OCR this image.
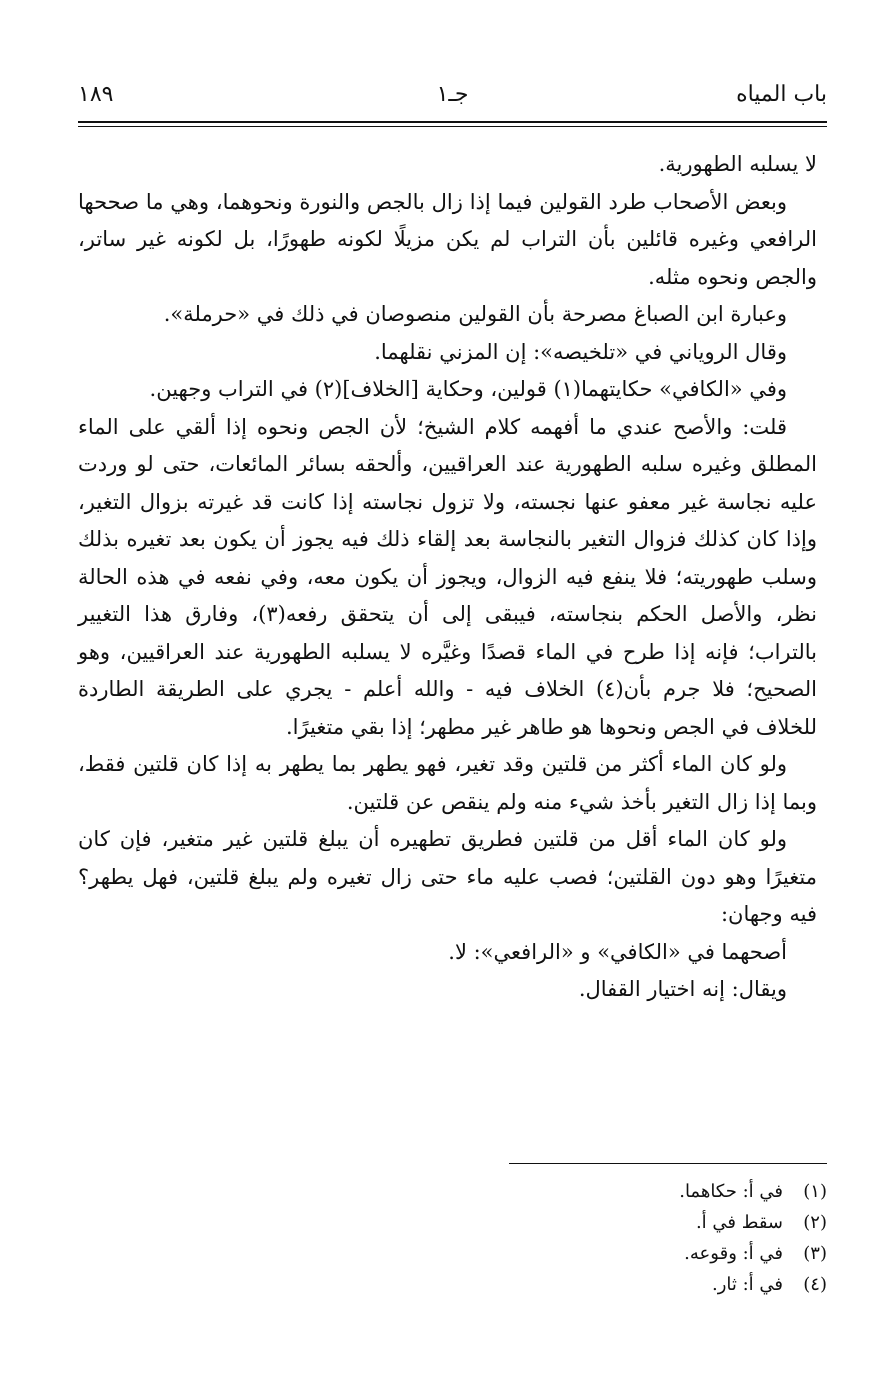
باب المياه
جـ١
١٨٩

لا يسلبه الطهورية.

وبعض الأصحاب طرد القولين فيما إذا زال بالجص والنورة ونحوهما، وهي ما صححها الرافعي وغيره قائلين بأن التراب لم يكن مزيلًا لكونه طهورًا، بل لكونه غير ساتر، والجص ونحوه مثله.

وعبارة ابن الصباغ مصرحة بأن القولين منصوصان في ذلك في «حرملة».

وقال الروياني في «تلخيصه»: إن المزني نقلهما.

وفي «الكافي» حكايتهما(١) قولين، وحكاية [الخلاف](٢) في التراب وجهين.

قلت: والأصح عندي ما أفهمه كلام الشيخ؛ لأن الجص ونحوه إذا ألقي على الماء المطلق وغيره سلبه الطهورية عند العراقيين، وألحقه بسائر المائعات، حتى لو وردت عليه نجاسة غير معفو عنها نجسته، ولا تزول نجاسته إذا كانت قد غيرته بزوال التغير، وإذا كان كذلك فزوال التغير بالنجاسة بعد إلقاء ذلك فيه يجوز أن يكون بعد تغيره بذلك وسلب طهوريته؛ فلا ينفع فيه الزوال، ويجوز أن يكون معه، وفي نفعه في هذه الحالة نظر، والأصل الحكم بنجاسته، فيبقى إلى أن يتحقق رفعه(٣)، وفارق هذا التغيير بالتراب؛ فإنه إذا طرح في الماء قصدًا وغيَّره لا يسلبه الطهورية عند العراقيين، وهو الصحيح؛ فلا جرم بأن(٤) الخلاف فيه - والله أعلم - يجري على الطريقة الطاردة للخلاف في الجص ونحوها هو طاهر غير مطهر؛ إذا بقي متغيرًا.

ولو كان الماء أكثر من قلتين وقد تغير، فهو يطهر بما يطهر به إذا كان قلتين فقط، وبما إذا زال التغير بأخذ شيء منه ولم ينقص عن قلتين.

ولو كان الماء أقل من قلتين فطريق تطهيره أن يبلغ قلتين غير متغير، فإن كان متغيرًا وهو دون القلتين؛ فصب عليه ماء حتى زال تغيره ولم يبلغ قلتين، فهل يطهر؟ فيه وجهان:

أصحهما في «الكافي» و «الرافعي»: لا.

ويقال: إنه اختيار القفال.

(١)
في أ: حكاهما.
(٢)
سقط في أ.
(٣)
في أ: وقوعه.
(٤)
في أ: ثار.
